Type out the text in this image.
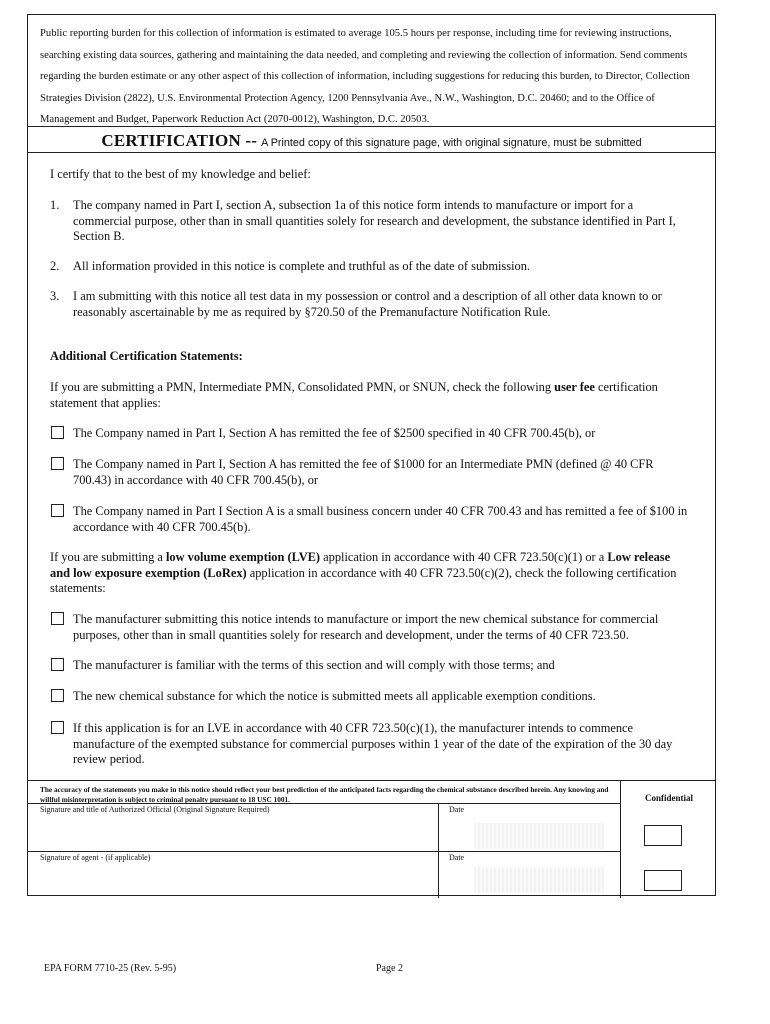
Public reporting burden for this collection of information is estimated to average 105.5 hours per response, including time for reviewing instructions, searching existing data sources, gathering and maintaining the data needed, and completing and reviewing the collection of information. Send comments regarding the burden estimate or any other aspect of this collection of information, including suggestions for reducing this burden, to Director, Collection Strategies Division (2822), U.S. Environmental Protection Agency, 1200 Pennsylvania Ave., N.W., Washington, D.C. 20460; and to the Office of Management and Budget, Paperwork Reduction Act (2070-0012), Washington, D.C. 20503.
CERTIFICATION -- A Printed copy of this signature page, with original signature, must be submitted
I certify that to the best of my knowledge and belief:
1. The company named in Part I, section A, subsection 1a of this notice form intends to manufacture or import for a commercial purpose, other than in small quantities solely for research and development, the substance identified in Part I, Section B.
2. All information provided in this notice is complete and truthful as of the date of submission.
3. I am submitting with this notice all test data in my possession or control and a description of all other data known to or reasonably ascertainable by me as required by §720.50 of the Premanufacture Notification Rule.
Additional Certification Statements:
If you are submitting a PMN, Intermediate PMN, Consolidated PMN, or SNUN, check the following user fee certification statement that applies:
The Company named in Part I, Section A has remitted the fee of $2500 specified in 40 CFR 700.45(b), or
The Company named in Part I, Section A has remitted the fee of $1000 for an Intermediate PMN (defined @ 40 CFR 700.43) in accordance with 40 CFR 700.45(b), or
The Company named in Part I Section A is a small business concern under 40 CFR 700.43 and has remitted a fee of $100 in accordance with 40 CFR 700.45(b).
If you are submitting a low volume exemption (LVE) application in accordance with 40 CFR 723.50(c)(1) or a Low release and low exposure exemption (LoRex) application in accordance with 40 CFR 723.50(c)(2), check the following certification statements:
The manufacturer submitting this notice intends to manufacture or import the new chemical substance for commercial purposes, other than in small quantities solely for research and development, under the terms of 40 CFR 723.50.
The manufacturer is familiar with the terms of this section and will comply with those terms; and
The new chemical substance for which the notice is submitted meets all applicable exemption conditions.
If this application is for an LVE in accordance with 40 CFR 723.50(c)(1), the manufacturer intends to commence manufacture of the exempted substance for commercial purposes within 1 year of the date of the expiration of the 30 day review period.
The accuracy of the statements you make in this notice should reflect your best prediction of the anticipated facts regarding the chemical substance described herein. Any knowing and willful misinterpretation is subject to criminal penalty pursuant to 18 USC 1001.	Confidential
Signature and title of Authorized Official (Original Signature Required)	Date
Signature of agent - (if applicable)	Date
EPA FORM 7710-25 (Rev. 5-95)	Page 2
